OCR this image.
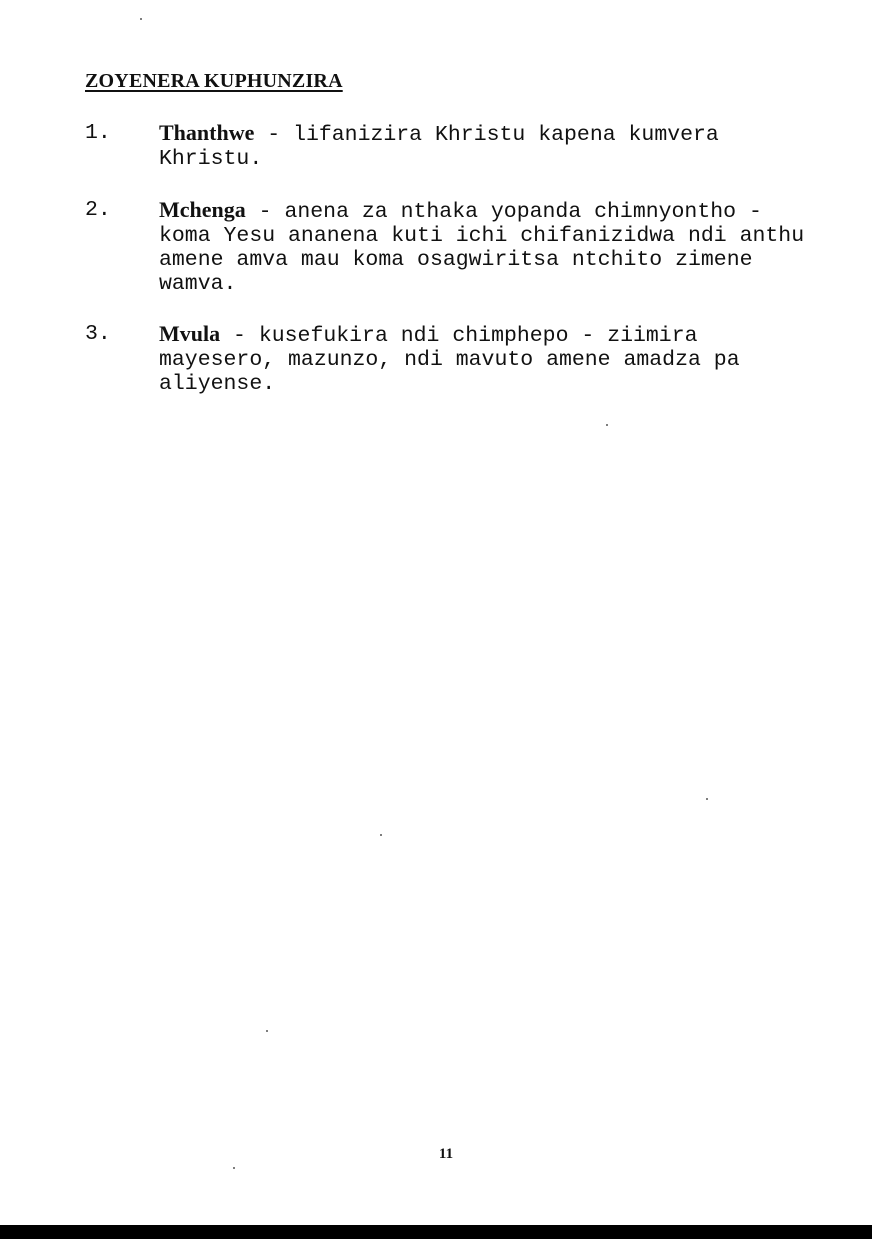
ZOYENERA KUPHUNZIRA
1. Thanthwe - lifanizira Khristu kapena kumvera Khristu.
2. Mchenga - anena za nthaka yopanda chimnyontho - koma Yesu ananena kuti ichi chifanizidwa ndi anthu amene amva mau koma osagwiritsa ntchito zimene wamva.
3. Mvula - kusefukira ndi chimphepo - ziimira mayesero, mazunzo, ndi mavuto amene amadza pa aliyense.
11
